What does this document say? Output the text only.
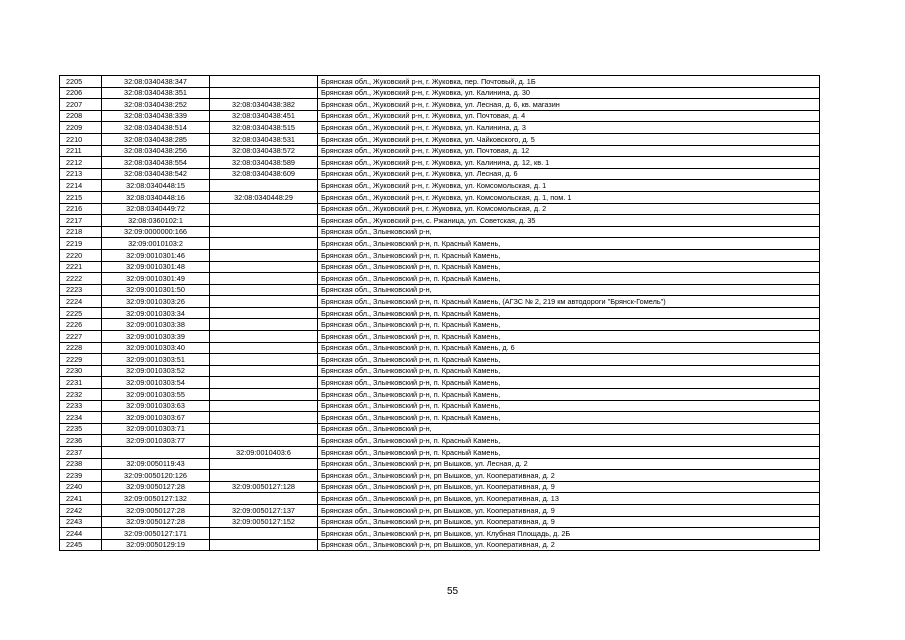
2205	32:08:0340438:347		Брянская обл., Жуковский р-н, г. Жуковка, пер. Почтовый, д. 1Б
2206	32:08:0340438:351		Брянская обл., Жуковский р-н, г. Жуковка, ул. Калинина, д. 30
2207	32:08:0340438:252	32:08:0340438:382	Брянская обл., Жуковский р-н, г. Жуковка, ул. Лесная, д. 6, кв. магазин
2208	32:08:0340438:339	32:08:0340438:451	Брянская обл., Жуковский р-н, г. Жуковка, ул. Почтовая, д. 4
2209	32:08:0340438:514	32:08:0340438:515	Брянская обл., Жуковский р-н, г. Жуковка, ул. Калинина, д. 3
2210	32:08:0340438:285	32:08:0340438:531	Брянская обл., Жуковский р-н, г. Жуковка, ул. Чайковского, д. 5
2211	32:08:0340438:256	32:08:0340438:572	Брянская обл., Жуковский р-н, г. Жуковка, ул. Почтовая, д. 12
2212	32:08:0340438:554	32:08:0340438:589	Брянская обл., Жуковский р-н, г. Жуковка, ул. Калинина, д. 12, кв. 1
2213	32:08:0340438:542	32:08:0340438:609	Брянская обл., Жуковский р-н, г. Жуковка, ул. Лесная, д. 6
2214	32:08:0340448:15		Брянская обл., Жуковский р-н, г. Жуковка, ул. Комсомольская, д. 1
2215	32:08:0340448:16	32:08:0340448:29	Брянская обл., Жуковский р-н, г. Жуковка, ул. Комсомольская, д. 1, пом. 1
2216	32:08:0340449:72		Брянская обл., Жуковский р-н, г. Жуковка, ул. Комсомольская, д. 2
2217	32:08:0360102:1		Брянская обл., Жуковский р-н, с. Ржаница, ул. Советская, д. 35
2218	32:09:0000000:166		Брянская обл., Злынковский р-н,
2219	32:09:0010103:2		Брянская обл., Злынковский р-н, п. Красный Камень,
2220	32:09:0010301:46		Брянская обл., Злынковский р-н, п. Красный Камень,
2221	32:09:0010301:48		Брянская обл., Злынковский р-н, п. Красный Камень,
2222	32:09:0010301:49		Брянская обл., Злынковский р-н, п. Красный Камень,
2223	32:09:0010301:50		Брянская обл., Злынковский р-н,
2224	32:09:0010303:26		Брянская обл., Злынковский р-н, п. Красный Камень, (АГЗС № 2, 219 км автодороги "Брянск-Гомель")
2225	32:09:0010303:34		Брянская обл., Злынковский р-н, п. Красный Камень,
2226	32:09:0010303:38		Брянская обл., Злынковский р-н, п. Красный Камень,
2227	32:09:0010303:39		Брянская обл., Злынковский р-н, п. Красный Камень,
2228	32:09:0010303:40		Брянская обл., Злынковский р-н, п. Красный Камень, д. 6
2229	32:09:0010303:51		Брянская обл., Злынковский р-н, п. Красный Камень,
2230	32:09:0010303:52		Брянская обл., Злынковский р-н, п. Красный Камень,
2231	32:09:0010303:54		Брянская обл., Злынковский р-н, п. Красный Камень,
2232	32:09:0010303:55		Брянская обл., Злынковский р-н, п. Красный Камень,
2233	32:09:0010303:63		Брянская обл., Злынковский р-н, п. Красный Камень,
2234	32:09:0010303:67		Брянская обл., Злынковский р-н, п. Красный Камень,
2235	32:09:0010303:71		Брянская обл., Злынковский р-н,
2236	32:09:0010303:77		Брянская обл., Злынковский р-н, п. Красный Камень,
2237		32:09:0010403:6	Брянская обл., Злынковский р-н, п. Красный Камень,
2238	32:09:0050119:43		Брянская обл., Злынковский р-н, рп Вышков, ул. Лесная, д. 2
2239	32:09:0050120:126		Брянская обл., Злынковский р-н, рп Вышков, ул. Кооперативная, д. 2
2240	32:09:0050127:28	32:09:0050127:128	Брянская обл., Злынковский р-н, рп Вышков, ул. Кооперативная, д. 9
2241	32:09:0050127:132		Брянская обл., Злынковский р-н, рп Вышков, ул. Кооперативная, д. 13
2242	32:09:0050127:28	32:09:0050127:137	Брянская обл., Злынковский р-н, рп Вышков, ул. Кооперативная, д. 9
2243	32:09:0050127:28	32:09:0050127:152	Брянская обл., Злынковский р-н, рп Вышков, ул. Кооперативная, д. 9
2244	32:09:0050127:171		Брянская обл., Злынковский р-н, рп Вышков, ул. Клубная Площадь, д. 2Б
2245	32:09:0050129:19		Брянская обл., Злынковский р-н, рп Вышков, ул. Кооперативная, д. 2
55
